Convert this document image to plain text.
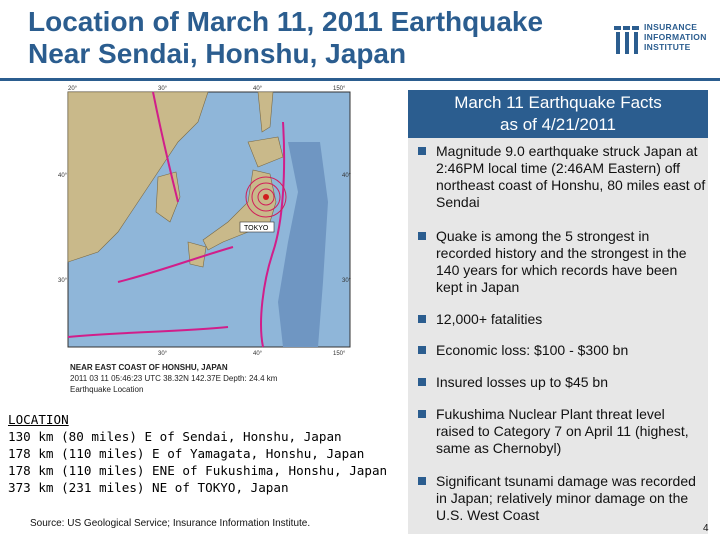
Location of March 11, 2011 Earthquake
Near Sendai, Honshu, Japan
INSURANCE
INFORMATION
INSTITUTE
TOKYO
20°	30°	40°	150°
40°
30°
40°
30°
30°	40°	150°
NEAR EAST COAST OF HONSHU, JAPAN
2011 03 11 05:46:23 UTC 38.32N 142.37E Depth: 24.4 km
Earthquake Location
LOCATION
130 km (80 miles) E of Sendai, Honshu, Japan
178 km (110 miles) E of Yamagata, Honshu, Japan
178 km (110 miles) ENE of Fukushima, Honshu, Japan
373 km (231 miles) NE of TOKYO, Japan
Source: US Geological Service; Insurance Information Institute.
March 11 Earthquake Facts
as of 4/21/2011
Magnitude 9.0 earthquake struck Japan at 2:46PM local time (2:46AM Eastern) off northeast coast of Honshu, 80 miles east of Sendai
Quake is among the 5 strongest in recorded history and the strongest in the 140 years for which records have been kept in Japan
12,000+ fatalities
Economic loss: $100 - $300 bn
Insured losses up to $45 bn
Fukushima Nuclear Plant threat level raised to Category 7 on April 11 (highest, same as Chernobyl)
Significant tsunami damage was recorded in Japan; relatively minor damage on the U.S. West Coast
4
